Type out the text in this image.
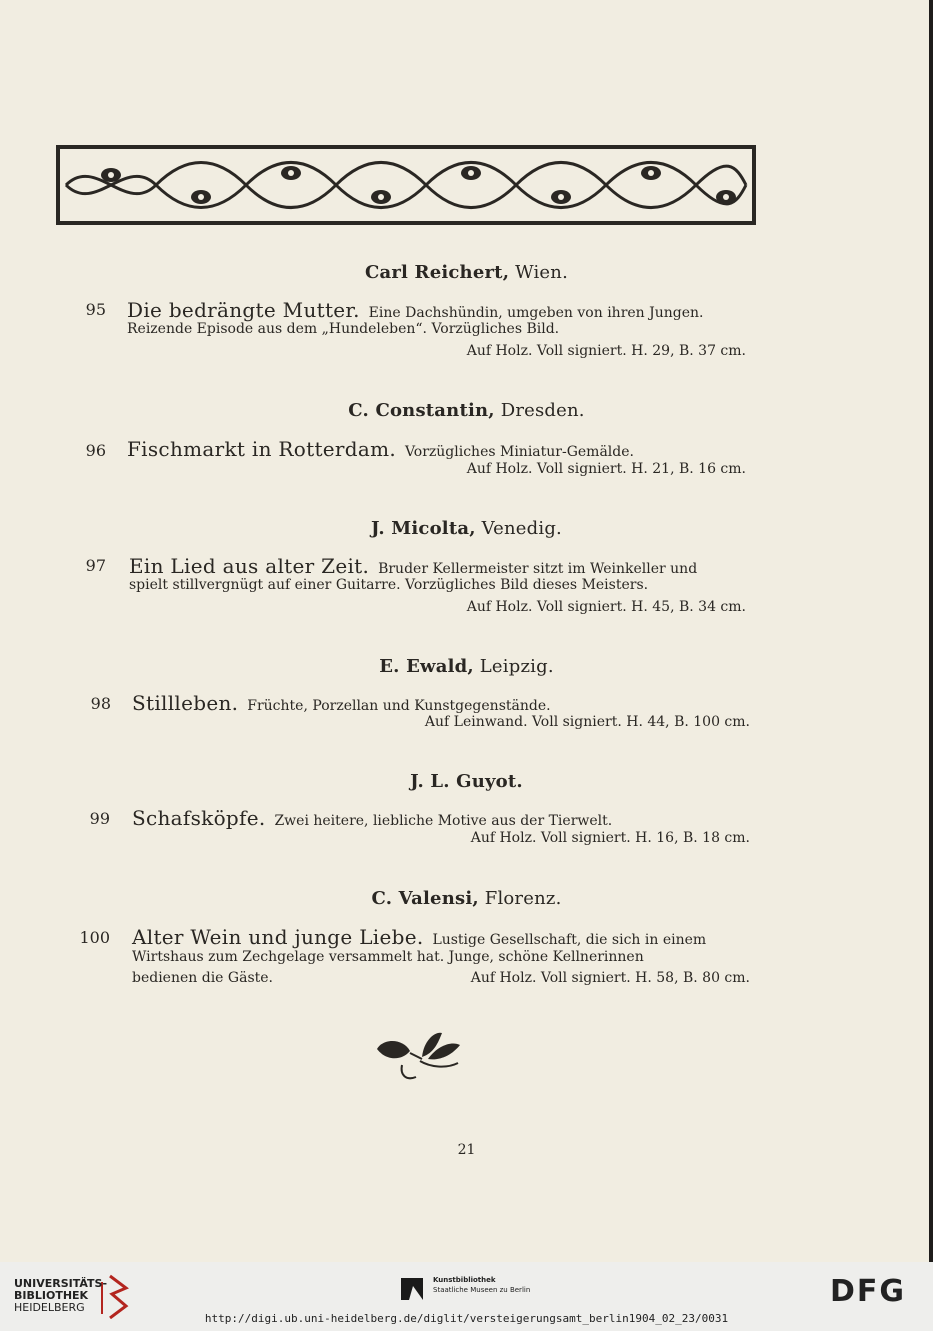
Carl Reichert, Wien.
95 Die bedrängte Mutter. Eine Dachshündin, umgeben von ihren Jungen.
Reizende Episode aus dem „Hundeleben“. Vorzügliches Bild.
Auf Holz. Voll signiert. H. 29, B. 37 cm.
C. Constantin, Dresden.
96 Fischmarkt in Rotterdam. Vorzügliches Miniatur-Gemälde.
Auf Holz. Voll signiert. H. 21, B. 16 cm.
J. Micolta, Venedig.
97 Ein Lied aus alter Zeit. Bruder Kellermeister sitzt im Weinkeller und
spielt stillvergnügt auf einer Guitarre. Vorzügliches Bild dieses Meisters.
Auf Holz. Voll signiert. H. 45, B. 34 cm.
E. Ewald, Leipzig.
98 Stillleben. Früchte, Porzellan und Kunstgegenstände.
Auf Leinwand. Voll signiert. H. 44, B. 100 cm.
J. L. Guyot.
99 Schafsköpfe. Zwei heitere, liebliche Motive aus der Tierwelt.
Auf Holz. Voll signiert. H. 16, B. 18 cm.
C. Valensi, Florenz.
100 Alter Wein und junge Liebe. Lustige Gesellschaft, die sich in einem
Wirtshaus zum Zechgelage versammelt hat. Junge, schöne Kellnerinnen
bedienen die Gäste.	Auf Holz. Voll signiert. H. 58, B. 80 cm.
21
UNIVERSITÄTS-
BIBLIOTHEK
HEIDELBERG
Kunstbibliothek
Staatliche Museen zu Berlin	DFG
http://digi.ub.uni-heidelberg.de/diglit/versteigerungsamt_berlin1904_02_23/0031
